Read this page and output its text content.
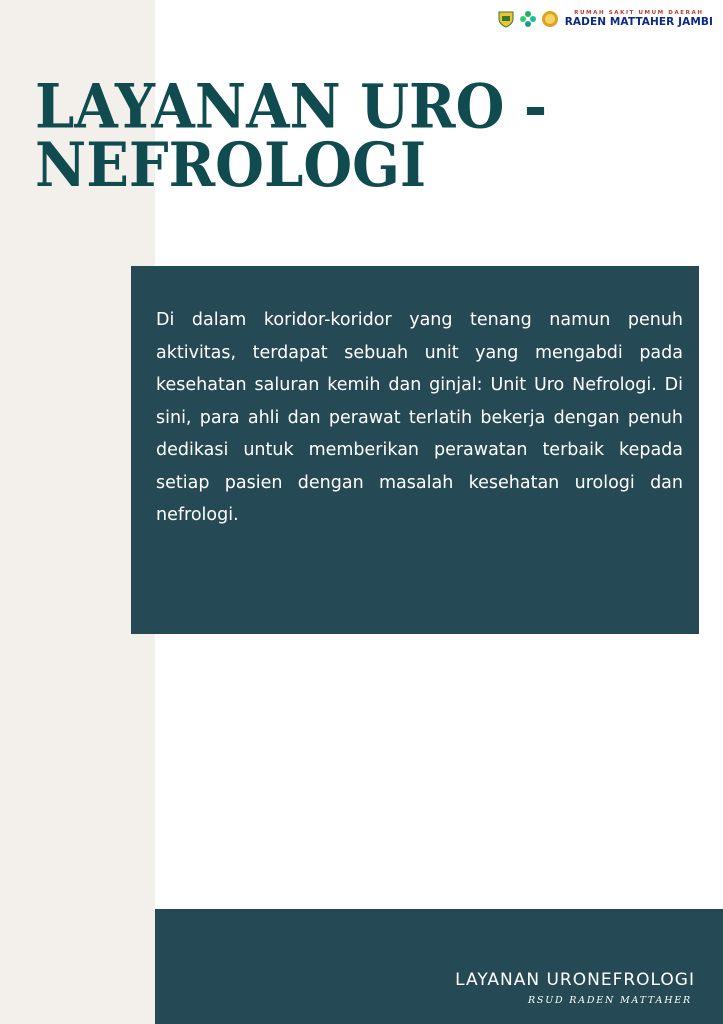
RUMAH SAKIT UMUM DAERAH
RADEN MATTAHER JAMBI
LAYANAN URO -
NEFROLOGI

Di dalam koridor-koridor yang tenang namun penuh aktivitas, terdapat sebuah unit yang mengabdi pada kesehatan saluran kemih dan ginjal: Unit Uro Nefrologi. Di sini, para ahli dan perawat terlatih bekerja dengan penuh dedikasi untuk memberikan perawatan terbaik kepada setiap pasien dengan masalah kesehatan urologi dan nefrologi.

LAYANAN URONEFROLOGI
RSUD RADEN MATTAHER
